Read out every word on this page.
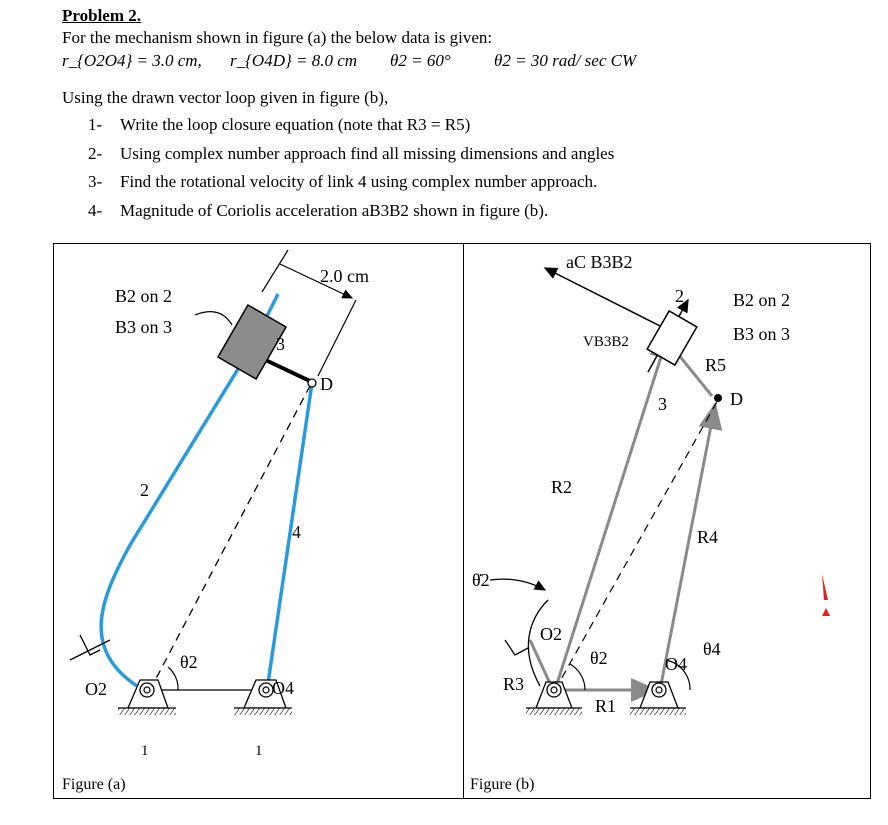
Problem 2.
For the mechanism shown in figure (a) the below data is given:
r_{O2O4} = 3.0 cm, r_{O4D} = 8.0 cm θ2 = 60°	θ̇2 = 30 rad/ sec CW
Using the drawn vector loop given in figure (b),
1- Write the loop closure equation (note that R3 = R5)
2- Using complex number approach find all missing dimensions and angles
3- Find the rotational velocity of link 4 using complex number approach.
4- Magnitude of Coriolis acceleration aB3B2 shown in figure (b).
B2 on 2
B3 on 3
2.0 cm
3
D
2
4
O2
θ2
O4
1	1
aC B3B2
2	B2 on 2
B3 on 3
VB3B2
R5
3	D
R2
R4
θ̇2
O2
θ2	O4
θ4
R3
R1
Figure (a)	Figure (b)
